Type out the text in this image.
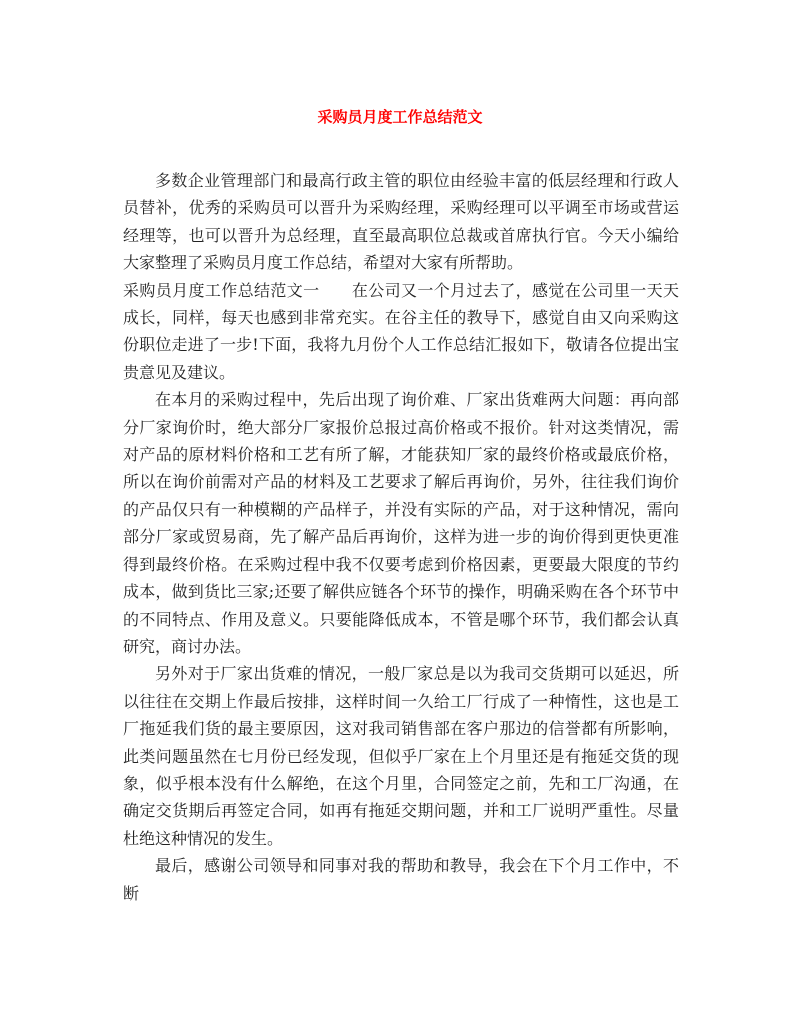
采购员月度工作总结范文

多数企业管理部门和最高行政主管的职位由经验丰富的低层经理和行政人员替补，优秀的采购员可以晋升为采购经理，采购经理可以平调至市场或营运经理等，也可以晋升为总经理，直至最高职位总裁或首席执行官。今天小编给大家整理了采购员月度工作总结，希望对大家有所帮助。

采购员月度工作总结范文一 在公司又一个月过去了，感觉在公司里一天天成长，同样，每天也感到非常充实。在谷主任的教导下，感觉自由又向采购这份职位走进了一步!下面，我将九月份个人工作总结汇报如下，敬请各位提出宝贵意见及建议。

在本月的采购过程中，先后出现了询价难、厂家出货难两大问题：再向部分厂家询价时，绝大部分厂家报价总报过高价格或不报价。针对这类情况，需对产品的原材料价格和工艺有所了解，才能获知厂家的最终价格或最底价格，所以在询价前需对产品的材料及工艺要求了解后再询价，另外，往往我们询价的产品仅只有一种模糊的产品样子，并没有实际的产品，对于这种情况，需向部分厂家或贸易商，先了解产品后再询价，这样为进一步的询价得到更快更准得到最终价格。在采购过程中我不仅要考虑到价格因素，更要最大限度的节约成本，做到货比三家;还要了解供应链各个环节的操作，明确采购在各个环节中的不同特点、作用及意义。只要能降低成本，不管是哪个环节，我们都会认真研究，商讨办法。

另外对于厂家出货难的情况，一般厂家总是以为我司交货期可以延迟，所以往往在交期上作最后按排，这样时间一久给工厂行成了一种惰性，这也是工厂拖延我们货的最主要原因，这对我司销售部在客户那边的信誉都有所影响，此类问题虽然在七月份已经发现，但似乎厂家在上个月里还是有拖延交货的现象，似乎根本没有什么解绝，在这个月里，合同签定之前，先和工厂沟通，在确定交货期后再签定合同，如再有拖延交期问题，并和工厂说明严重性。尽量杜绝这种情况的发生。

最后，感谢公司领导和同事对我的帮助和教导，我会在下个月工作中，不断
